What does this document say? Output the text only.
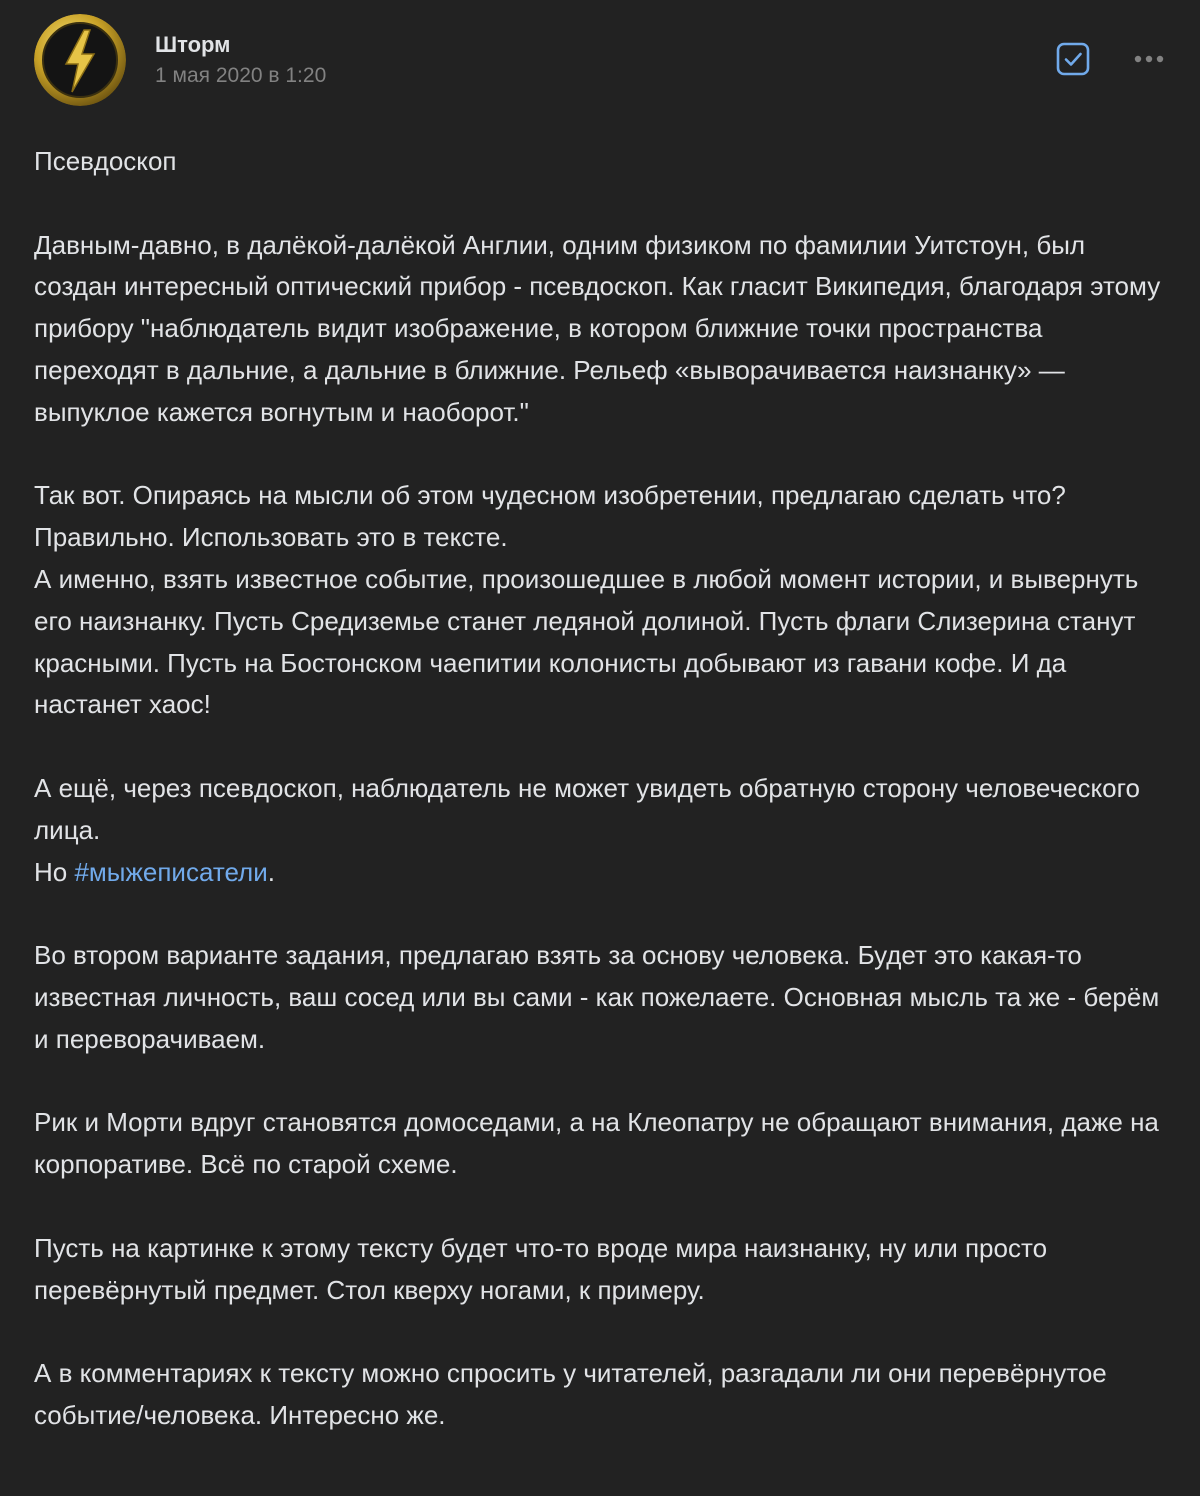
Шторм
1 мая 2020 в 1:20

Псевдоскоп

Давным-давно, в далёкой-далёкой Англии, одним физиком по фамилии Уитстоун, был создан интересный оптический прибор - псевдоскоп. Как гласит Википедия, благодаря этому прибору "наблюдатель видит изображение, в котором ближние точки пространства переходят в дальние, а дальние в ближние. Рельеф «выворачивается наизнанку» — выпуклое кажется вогнутым и наоборот."

Так вот. Опираясь на мысли об этом чудесном изобретении, предлагаю сделать что?

Правильно. Использовать это в тексте.

А именно, взять известное событие, произошедшее в любой момент истории, и вывернуть его наизнанку. Пусть Средиземье станет ледяной долиной. Пусть флаги Слизерина станут красными. Пусть на Бостонском чаепитии колонисты добывают из гавани кофе. И да настанет хаос!

А ещё, через псевдоскоп, наблюдатель не может увидеть обратную сторону человеческого лица.

Но #мыжеписатели.

Во втором варианте задания, предлагаю взять за основу человека. Будет это какая-то известная личность, ваш сосед или вы сами - как пожелаете. Основная мысль та же - берём и переворачиваем.

Рик и Морти вдруг становятся домоседами, а на Клеопатру не обращают внимания, даже на корпоративе. Всё по старой схеме.

Пусть на картинке к этому тексту будет что-то вроде мира наизнанку, ну или просто перевёрнутый предмет. Стол кверху ногами, к примеру.

А в комментариях к тексту можно спросить у читателей, разгадали ли они перевёрнутое событие/человека. Интересно же.
